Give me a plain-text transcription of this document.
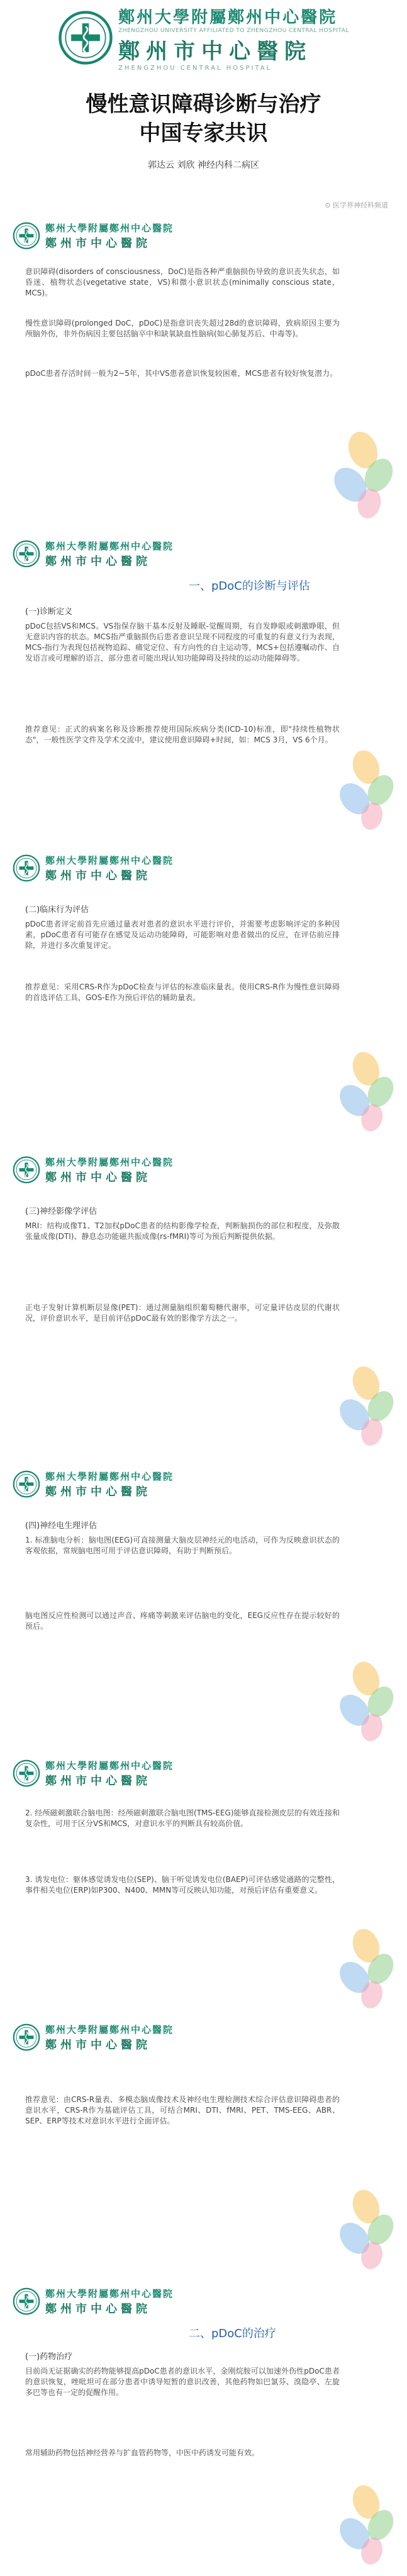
鄭州大學附屬鄭州中心醫院
ZHENGZHOU UNIVERSITY AFFILIATED TO ZHENGZHOU CENTRAL HOSPITAL
鄭州市中心醫院
ZHENGZHOU CENTRAL HOSPITAL
慢性意识障碍诊断与治疗
中国专家共识
郭达云 刘欣 神经内科二病区
⊙ 医学界神经科频道
鄭州大學附屬鄭州中心醫院
鄭州市中心醫院

意识障碍(disorders of consciousness，DoC)是指各种严重脑损伤导致的意识丧失状态，如昏迷、植物状态(vegetative state，VS)和微小意识状态(minimally conscious state，MCS)。

慢性意识障碍(prolonged DoC，pDoC)是指意识丧失超过28d的意识障碍，致病原因主要为颅脑外伤，非外伤病因主要包括脑卒中和缺氧缺血性脑病(如心肺复苏后、中毒等)。

pDoC患者存活时间一般为2~5年，其中VS患者意识恢复较困难，MCS患者有较好恢复潜力。

鄭州大學附屬鄭州中心醫院
鄭州市中心醫院
一、pDoC的诊断与评估
(一)诊断定义

pDoC包括VS和MCS。VS指保存脑干基本反射及睡眠-觉醒周期，有自发睁眼或刺激睁眼，但无意识内容的状态。MCS指严重脑损伤后患者意识呈现不同程度的可重复的有意义行为表现，MCS-指行为表现包括视物追踪、痛觉定位、有方向性的自主运动等，MCS+包括遵嘱动作、自发语言或可理解的语言，部分患者可能出现认知功能障碍及持续的运动功能障碍等。

推荐意见：正式的病案名称及诊断推荐使用国际疾病分类(ICD-10)标准，即"持续性植物状态"，一般性医学文件及学术交流中，建议使用意识障碍+时间，如：MCS 3月，VS 6个月。

鄭州大學附屬鄭州中心醫院
鄭州市中心醫院
(二)临床行为评估

pDoC患者评定前首先应通过量表对患者的意识水平进行评价，并需要考虑影响评定的多种因素，pDoC患者有可能存在感觉及运动功能障碍，可能影响对患者做出的反应，在评估前应排除，并进行多次重复评定。

推荐意见：采用CRS-R作为pDoC检查与评估的标准临床量表。使用CRS-R作为慢性意识障碍的首选评估工具，GOS-E作为预后评估的辅助量表。

鄭州大學附屬鄭州中心醫院
鄭州市中心醫院
(三)神经影像学评估

MRI：结构成像T1、T2加权pDoC患者的结构影像学检查，判断脑损伤的部位和程度，及弥散张量成像(DTI)、静息态功能磁共振成像(rs-fMRI)等可为预后判断提供依据。

正电子发射计算机断层显像(PET)：通过测量脑组织葡萄糖代谢率，可定量评估皮层的代谢状况，评价意识水平，是目前评估pDoC最有效的影像学方法之一。

鄭州大學附屬鄭州中心醫院
鄭州市中心醫院
(四)神经电生理评估

1. 标准脑电分析：脑电图(EEG)可直接测量大脑皮层神经元的电活动，可作为反映意识状态的客观依据，常规脑电图可用于评估意识障碍，有助于判断预后。

脑电图反应性检测可以通过声音、疼痛等刺激来评估脑电的变化，EEG反应性存在提示较好的预后。

鄭州大學附屬鄭州中心醫院
鄭州市中心醫院

2. 经颅磁刺激联合脑电图：经颅磁刺激联合脑电图(TMS-EEG)能够直接检测皮层的有效连接和复杂性，可用于区分VS和MCS，对意识水平的判断具有较高价值。

3. 诱发电位：躯体感觉诱发电位(SEP)、脑干听觉诱发电位(BAEP)可评估感觉通路的完整性，事件相关电位(ERP)如P300、N400、MMN等可反映认知功能，对预后评估有重要意义。

鄭州大學附屬鄭州中心醫院
鄭州市中心醫院

推荐意见：由CRS-R量表、多模态脑成像技术及神经电生理检测技术综合评估意识障碍患者的意识水平，CRS-R作为基础评估工具，可结合MRI、DTI、fMRI、PET、TMS-EEG、ABR、SEP、ERP等技术对意识水平进行全面评估。

鄭州大學附屬鄭州中心醫院
鄭州市中心醫院
二、pDoC的治疗
(一)药物治疗

目前尚无证据确实的药物能够提高pDoC患者的意识水平，金刚烷胺可以加速外伤性pDoC患者的意识恢复，唑吡坦可在部分患者中诱导短暂的意识改善，其他药物如巴氯芬、溴隐亭、左旋多巴等也有一定的促醒作用。

常用辅助药物包括神经营养与扩血管药物等，中医中药诱发可能有效。
